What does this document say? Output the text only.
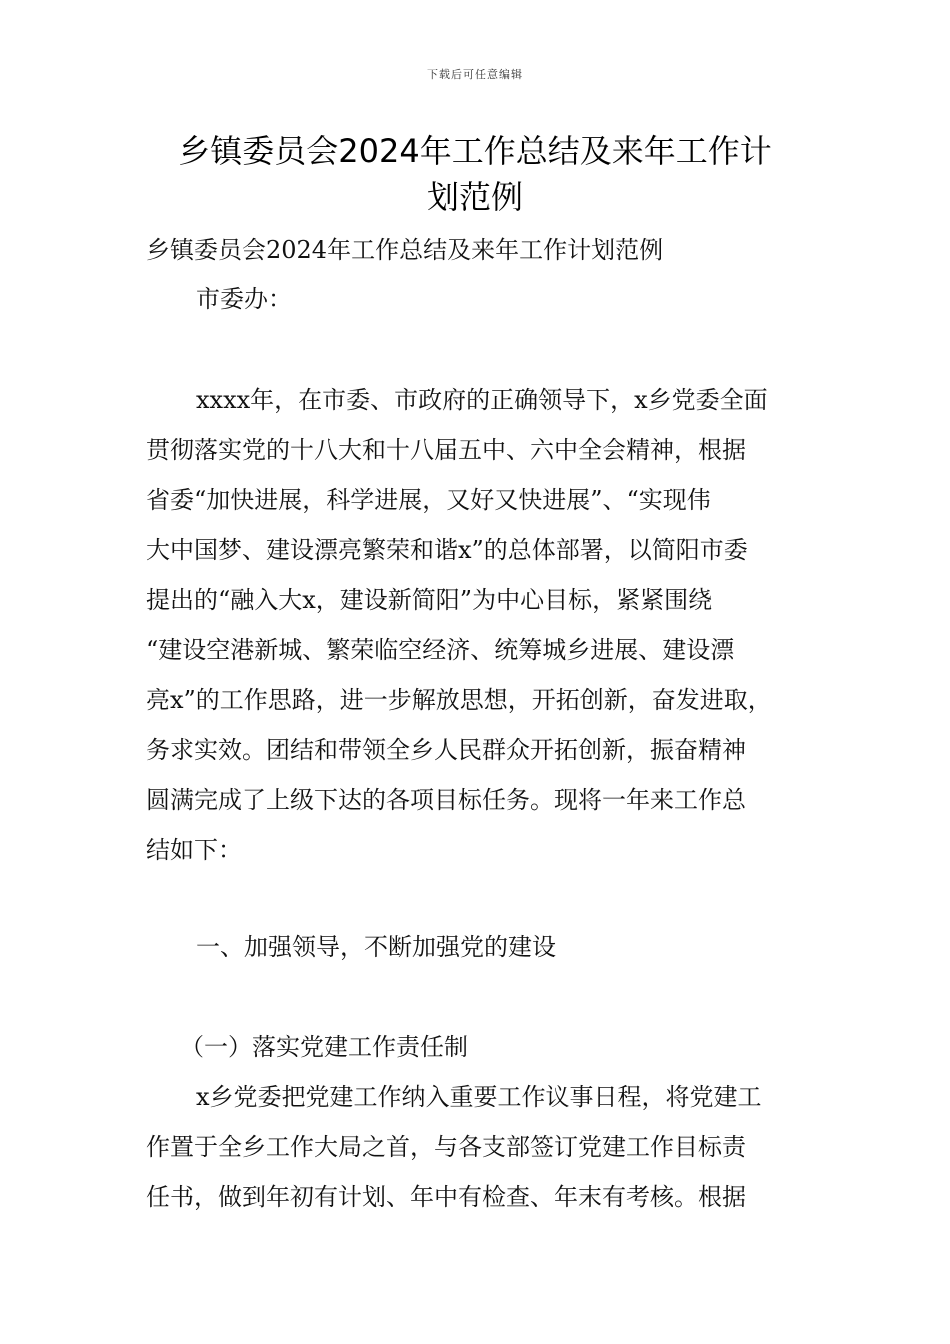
下载后可任意编辑
乡镇委员会2024年工作总结及来年工作计
划范例
乡镇委员会2024年工作总结及来年工作计划范例
市委办：
xxxx年，在市委、市政府的正确领导下，x乡党委全面
贯彻落实党的十八大和十八届五中、六中全会精神，根据
省委“加快进展，科学进展，又好又快进展”、“实现伟
大中国梦、建设漂亮繁荣和谐x”的总体部署，以简阳市委
提出的“融入大x，建设新简阳”为中心目标，紧紧围绕
“建设空港新城、繁荣临空经济、统筹城乡进展、建设漂
亮x”的工作思路，进一步解放思想，开拓创新，奋发进取，
务求实效。团结和带领全乡人民群众开拓创新，振奋精神
圆满完成了上级下达的各项目标任务。现将一年来工作总
结如下：
一、加强领导，不断加强党的建设
（一）落实党建工作责任制
x乡党委把党建工作纳入重要工作议事日程，将党建工
作置于全乡工作大局之首，与各支部签订党建工作目标责
任书，做到年初有计划、年中有检查、年末有考核。根据
